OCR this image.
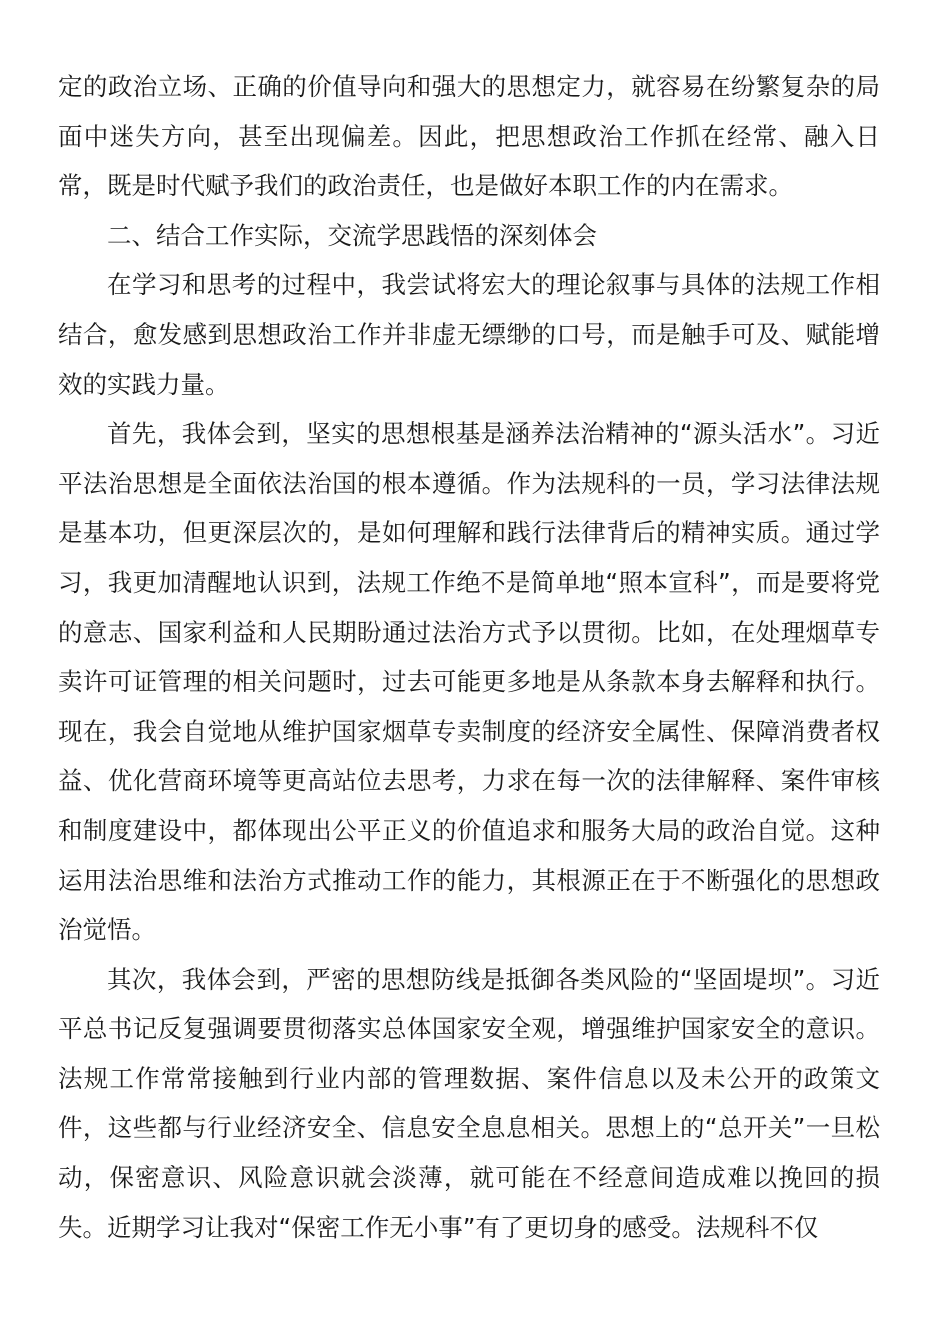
定的政治立场、正确的价值导向和强大的思想定力，就容易在纷繁复杂的局面中迷失方向，甚至出现偏差。因此，把思想政治工作抓在经常、融入日常，既是时代赋予我们的政治责任，也是做好本职工作的内在需求。

二、结合工作实际，交流学思践悟的深刻体会

在学习和思考的过程中，我尝试将宏大的理论叙事与具体的法规工作相结合，愈发感到思想政治工作并非虚无缥缈的口号，而是触手可及、赋能增效的实践力量。

首先，我体会到，坚实的思想根基是涵养法治精神的“源头活水”。习近平法治思想是全面依法治国的根本遵循。作为法规科的一员，学习法律法规是基本功，但更深层次的，是如何理解和践行法律背后的精神实质。通过学习，我更加清醒地认识到，法规工作绝不是简单地“照本宣科”，而是要将党的意志、国家利益和人民期盼通过法治方式予以贯彻。比如，在处理烟草专卖许可证管理的相关问题时，过去可能更多地是从条款本身去解释和执行。现在，我会自觉地从维护国家烟草专卖制度的经济安全属性、保障消费者权益、优化营商环境等更高站位去思考，力求在每一次的法律解释、案件审核和制度建设中，都体现出公平正义的价值追求和服务大局的政治自觉。这种运用法治思维和法治方式推动工作的能力，其根源正在于不断强化的思想政治觉悟。

其次，我体会到，严密的思想防线是抵御各类风险的“坚固堤坝”。习近平总书记反复强调要贯彻落实总体国家安全观，增强维护国家安全的意识。法规工作常常接触到行业内部的管理数据、案件信息以及未公开的政策文件，这些都与行业经济安全、信息安全息息相关。思想上的“总开关”一旦松动，保密意识、风险意识就会淡薄，就可能在不经意间造成难以挽回的损失。近期学习让我对“保密工作无小事”有了更切身的感受。法规科不仅
